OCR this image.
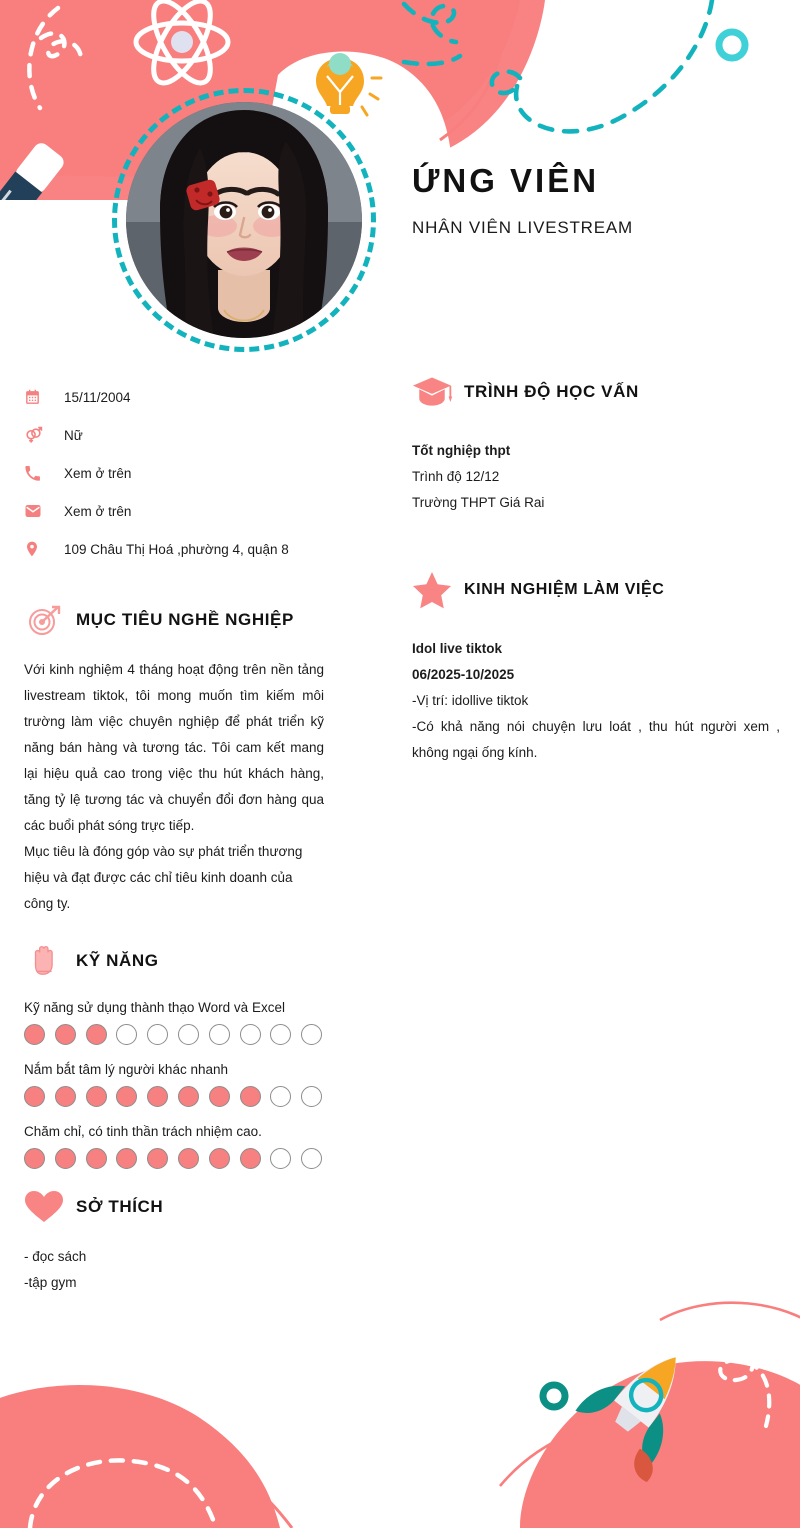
ỨNG VIÊN
NHÂN VIÊN LIVESTREAM
15/11/2004
Nữ
Xem ở trên
Xem ở trên
109 Châu Thị Hoá ,phường 4, quận 8
MỤC TIÊU NGHỀ NGHIỆP

Với kinh nghiệm 4 tháng hoạt động trên nền tảng livestream tiktok, tôi mong muốn tìm kiếm môi trường làm việc chuyên nghiệp để phát triển kỹ năng bán hàng và tương tác. Tôi cam kết mang lại hiệu quả cao trong việc thu hút khách hàng, tăng tỷ lệ tương tác và chuyển đổi đơn hàng qua các buổi phát sóng trực tiếp.

Mục tiêu là đóng góp vào sự phát triển thương hiệu và đạt được các chỉ tiêu kinh doanh của công ty.

KỸ NĂNG
Kỹ năng sử dụng thành thạo Word và Excel
Nắm bắt tâm lý người khác nhanh
Chăm chỉ, có tinh thần trách nhiệm cao.
SỞ THÍCH
- đọc sách
-tập gym
TRÌNH ĐỘ HỌC VẤN
Tốt nghiệp thpt
Trình độ 12/12
Trường THPT Giá Rai
KINH NGHIỆM LÀM VIỆC
Idol live tiktok
06/2025-10/2025
-Vị trí: idollive tiktok
-Có khả năng nói chuyện lưu loát , thu hút người xem , không ngại ống kính.
